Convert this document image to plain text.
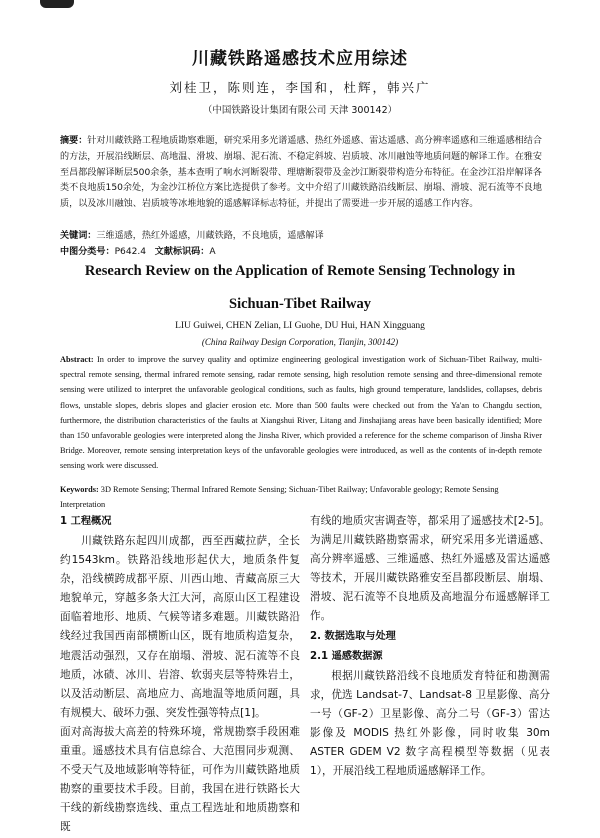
川藏铁路遥感技术应用综述
刘桂卫，陈则连，李国和，杜辉，韩兴广
（中国铁路设计集团有限公司 天津 300142）
摘要：针对川藏铁路工程地质勘察难题，研究采用多光谱遥感、热红外遥感、雷达遥感、高分辨率遥感和三维遥感相结合的方法，开展沿线断层、高地温、滑坡、崩塌、泥石流、不稳定斜坡、岩质坡、冰川融蚀等地质问题的解译工作。在雅安至昌都段解译断层500余条，基本查明了响水河断裂带、理塘断裂带及金沙江断裂带构造分布特征。在金沙江沿岸解译各类不良地质150余处，为金沙江桥位方案比选提供了参考。文中介绍了川藏铁路沿线断层、崩塌、滑坡、泥石流等不良地质，以及冰川融蚀、岩质坡等冰堆地貌的遥感解译标志特征，并提出了需要进一步开展的遥感工作内容。
关键词：三维遥感，热红外遥感，川藏铁路，不良地质，遥感解译
中图分类号：P642.4 文献标识码：A
Research Review on the Application of Remote Sensing Technology in
Sichuan-Tibet Railway
LIU Guiwei, CHEN Zelian, LI Guohe, DU Hui, HAN Xingguang
(China Railway Design Corporation, Tianjin, 300142)
Abstract: In order to improve the survey quality and optimize engineering geological investigation work of Sichuan-Tibet Railway, multi-spectral remote sensing, thermal infrared remote sensing, radar remote sensing, high resolution remote sensing and three-dimensional remote sensing were utilized to interpret the unfavorable geological conditions, such as faults, high ground temperature, landslides, collapses, debris flows, unstable slopes, debris slopes and glacier erosion etc. More than 500 faults were checked out from the Ya'an to Changdu section, furthermore, the distribution characteristics of the faults at Xiangshui River, Litang and Jinshajiang areas have been basically identified; More than 150 unfavorable geologies were interpreted along the Jinsha River, which provided a reference for the scheme comparison of Jinsha River Bridge. Moreover, remote sensing interpretation keys of the unfavorable geologies were introduced, as well as the contents of in-depth remote sensing work were discussed.
Keywords: 3D Remote Sensing; Thermal Infrared Remote Sensing; Sichuan-Tibet Railway; Unfavorable geology; Remote Sensing Interpretation
1 工程概况
川藏铁路东起四川成都，西至西藏拉萨，全长约1543km。铁路沿线地形起伏大，地质条件复杂，沿线横跨成都平原、川西山地、青藏高原三大地貌单元，穿越多条大江大河，高原山区工程建设面临着地形、地质、气候等诸多难题。川藏铁路沿线经过我国西南部横断山区，既有地质构造复杂，地震活动强烈，又存在崩塌、滑坡、泥石流等不良地质，冰碛、冰川、岩溶、软弱夹层等特殊岩土，以及活动断层、高地应力、高地温等地质问题，具有规模大、破坏力强、突发性强等特点[1]。
面对高海拔大高差的特殊环境，常规勘察手段困难重重。遥感技术具有信息综合、大范围同步观测、不受天气及地域影响等特征，可作为川藏铁路地质勘察的重要技术手段。目前，我国在进行铁路长大干线的新线勘察选线、重点工程选址和地质勘察和既
有线的地质灾害调查等，都采用了遥感技术[2-5]。为满足川藏铁路勘察需求，研究采用多光谱遥感、高分辨率遥感、三维遥感、热红外遥感及雷达遥感等技术，开展川藏铁路雅安至昌都段断层、崩塌、滑坡、泥石流等不良地质及高地温分布遥感解译工作。
2. 数据选取与处理
2.1 遥感数据源
根据川藏铁路沿线不良地质发育特征和勘测需求，优选 Landsat-7、Landsat-8 卫星影像、高分一号（GF-2）卫星影像、高分二号（GF-3）雷达影像及 MODIS 热红外影像，同时收集 30m ASTER GDEM V2 数字高程模型等数据（见表1），开展沿线工程地质遥感解译工作。
